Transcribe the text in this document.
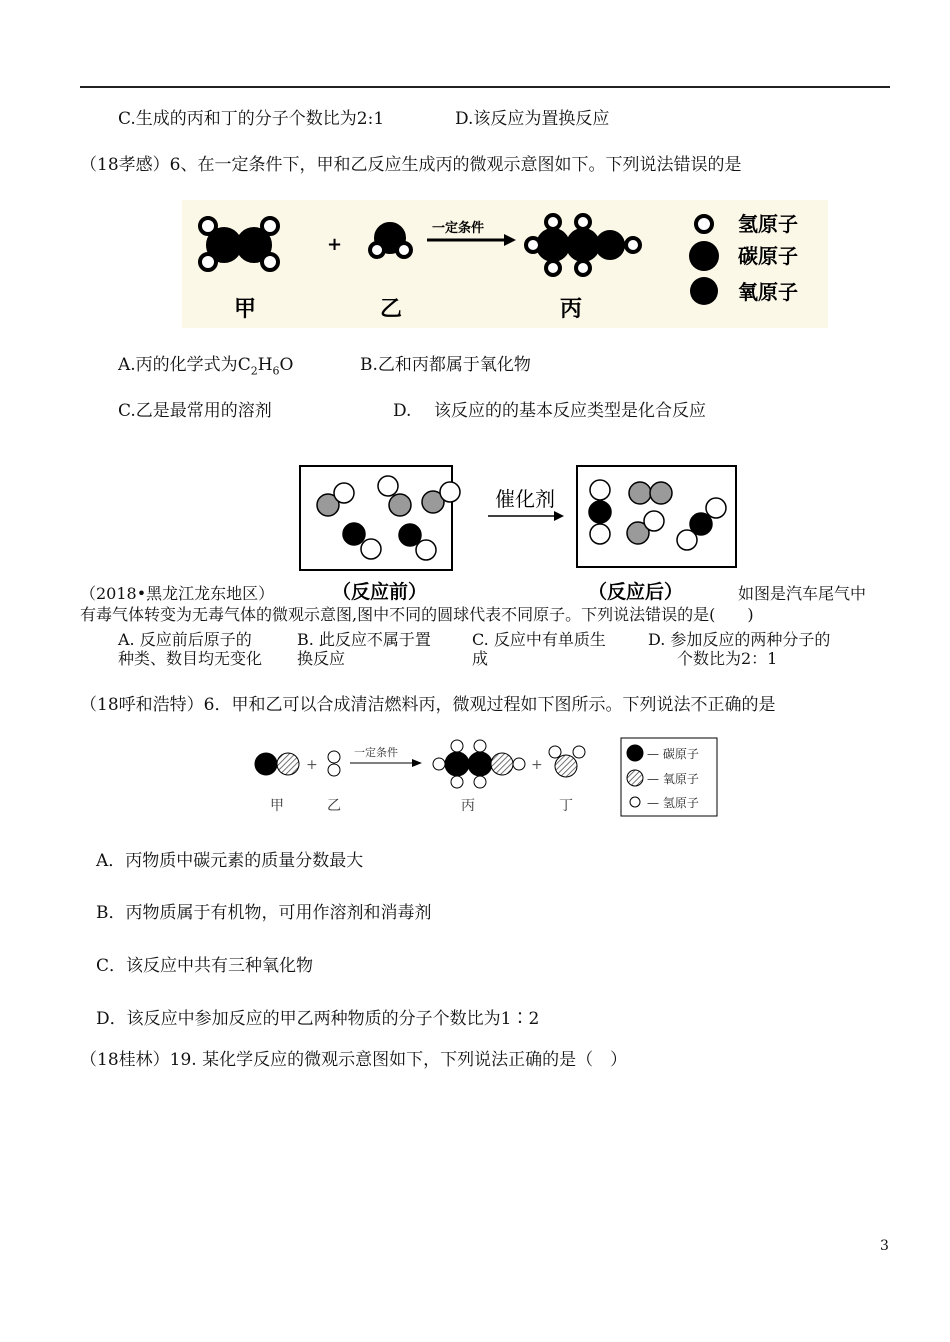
C.生成的丙和丁的分子个数比为2:1	D.该反应为置换反应
（18孝感）6、在一定条件下，甲和乙反应生成丙的微观示意图如下。下列说法错误的是
+
一定条件
甲	乙	丙
氢原子
碳原子
氧原子
A.丙的化学式为$C_2H_6O$	B.乙和丙都属于氧化物
C.乙是最常用的溶剂	D. 该反应的的基本反应类型是化合反应
催化剂
（反应前）	（反应后）
（2018•黑龙江龙东地区）	如图是汽车尾气中
有毒气体转变为无毒气体的微观示意图,图中不同的圆球代表不同原子。下列说法错误的是(　　)
A. 反应前后原子的
种类、数目均无变化
B. 此反应不属于置
换反应
C. 反应中有单质生
成
D. 参加反应的两种分子的
个数比为2：1
（18呼和浩特）6．甲和乙可以合成清洁燃料丙，微观过程如下图所示。下列说法不正确的是
+
一定条件
+
甲	乙	丙	丁
— 碳原子
— 氧原子
— 氢原子
A．丙物质中碳元素的质量分数最大
B．丙物质属于有机物，可用作溶剂和消毒剂
C．该反应中共有三种氧化物
D．该反应中参加反应的甲乙两种物质的分子个数比为1∶2
（18桂林）19. 某化学反应的微观示意图如下，下列说法正确的是（　）
3
